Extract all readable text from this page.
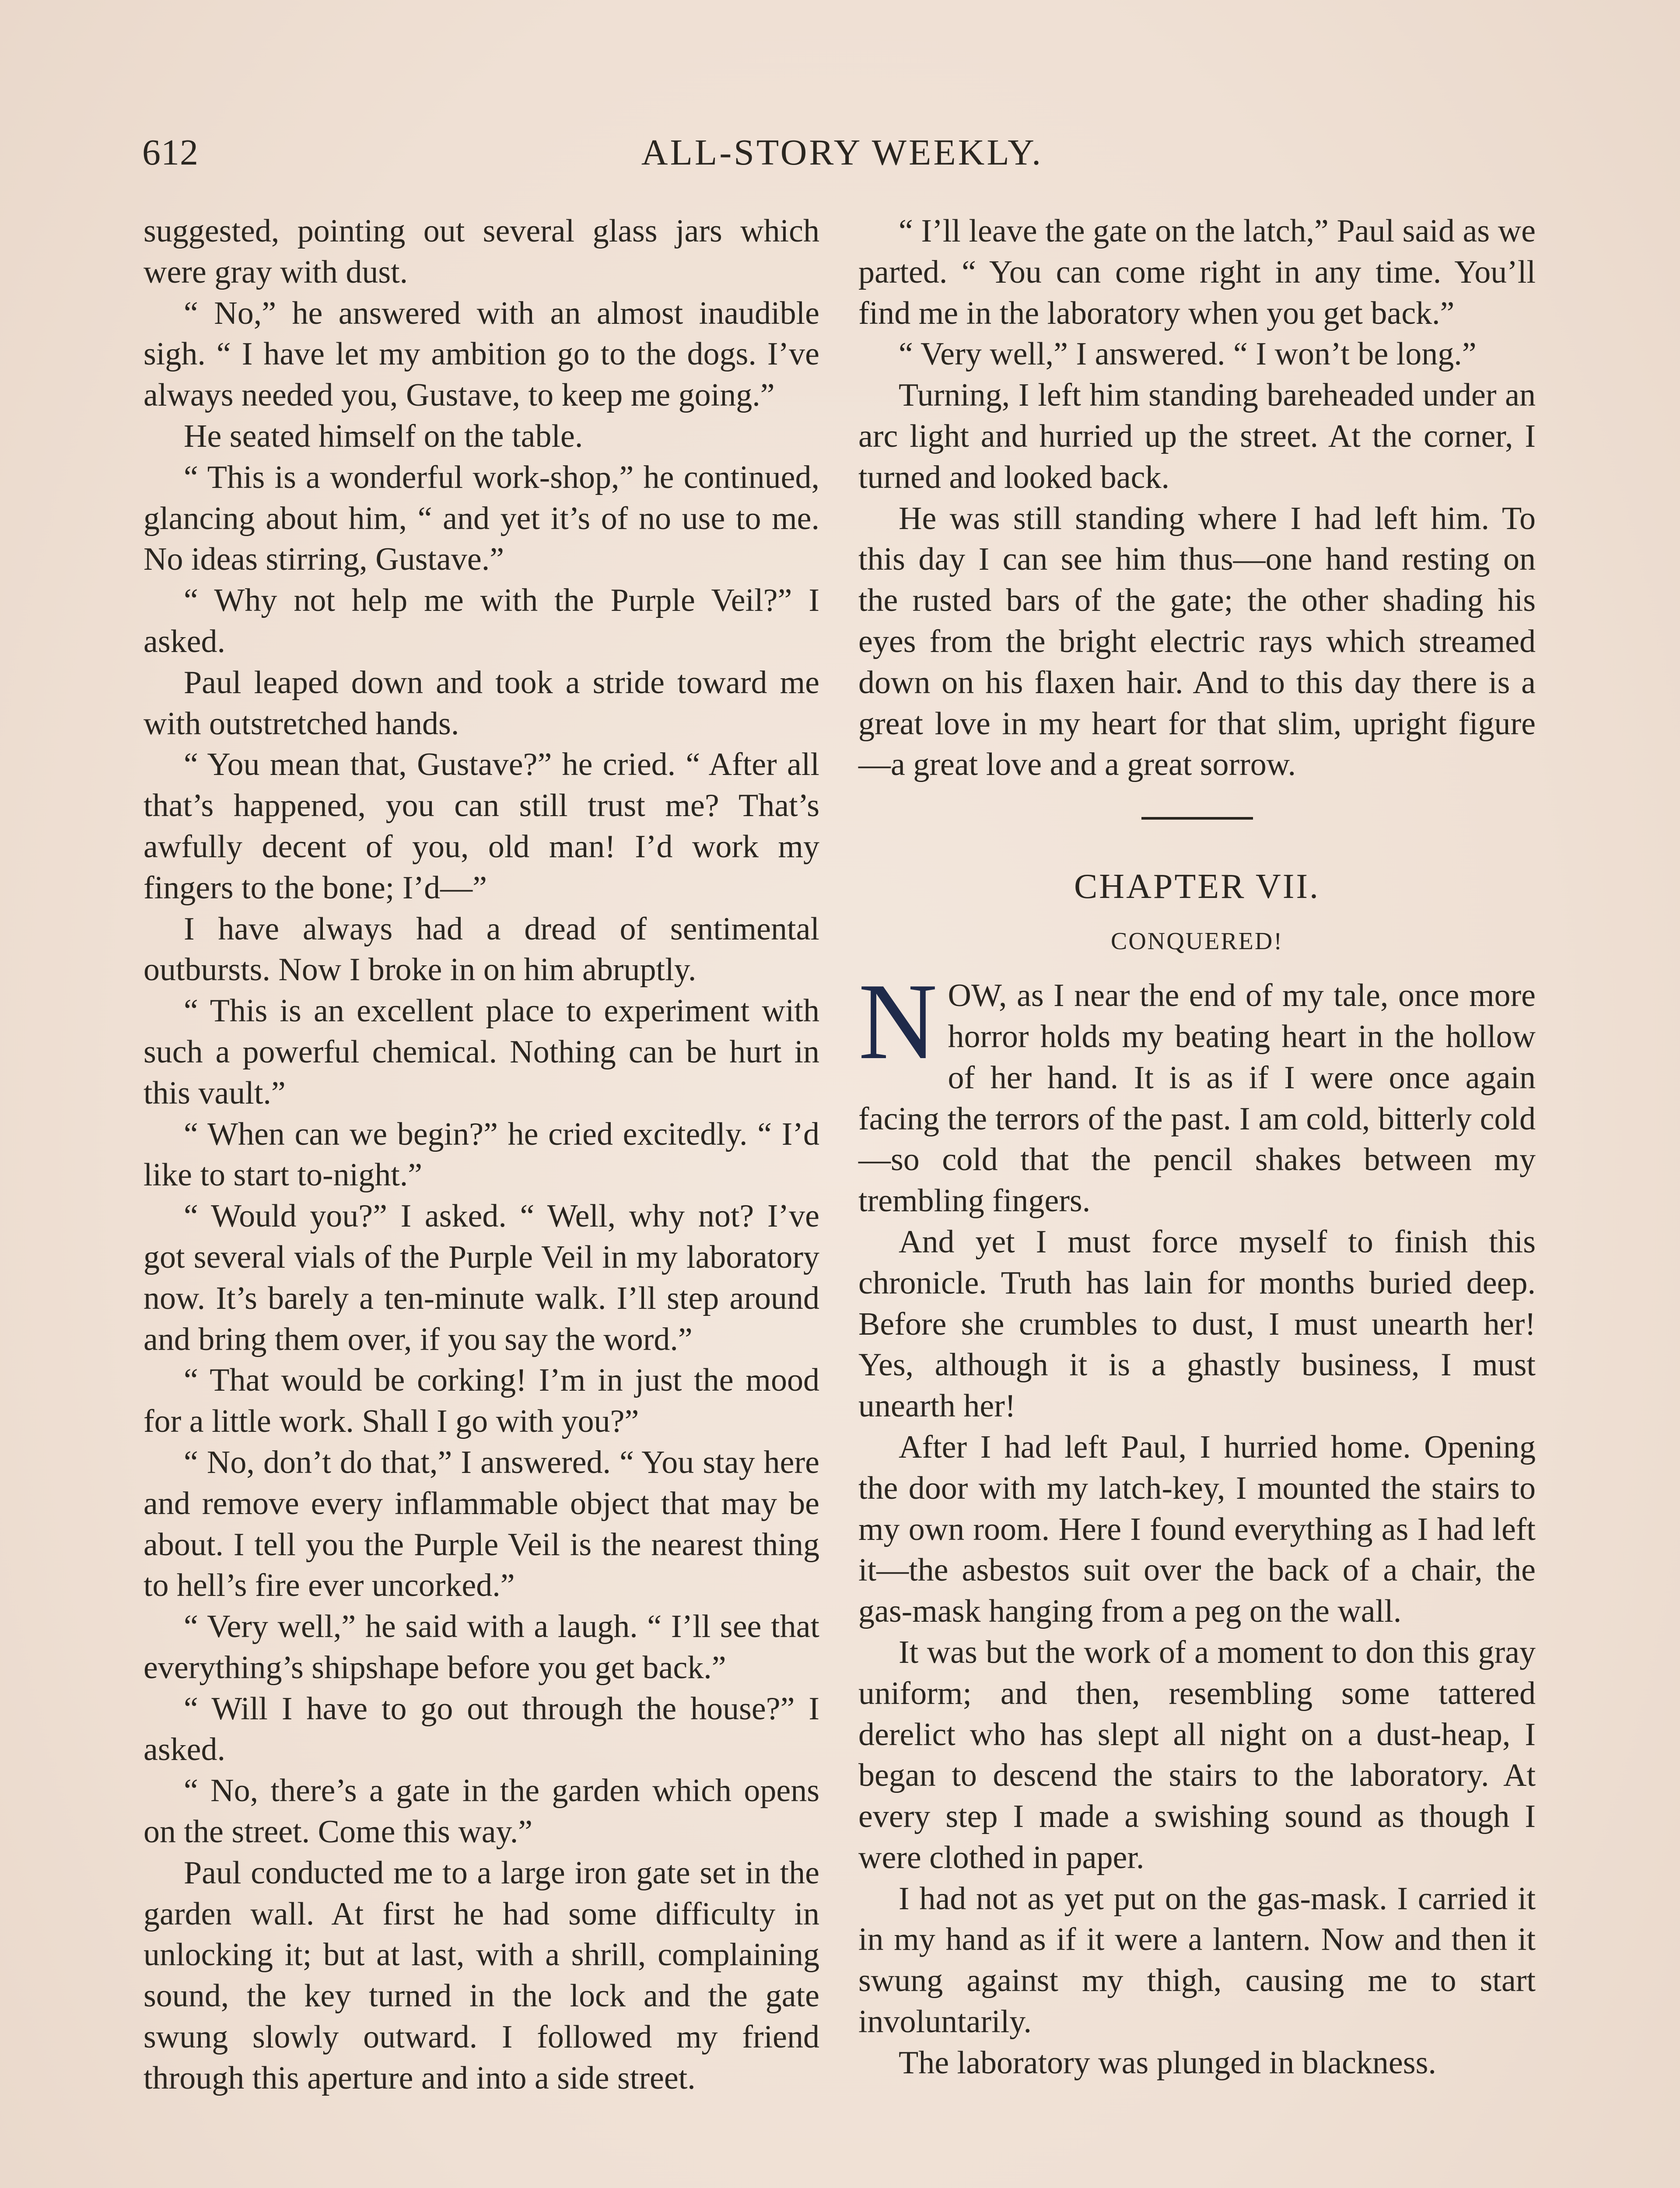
612	ALL-STORY WEEKLY.

suggested, pointing out several glass jars which were gray with dust.

“ No,” he answered with an almost inaudible sigh. “ I have let my ambition go to the dogs. I’ve always needed you, Gustave, to keep me going.”

He seated himself on the table.

“ This is a wonderful work-shop,” he continued, glancing about him, “ and yet it’s of no use to me. No ideas stirring, Gustave.”

“ Why not help me with the Purple Veil?” I asked.

Paul leaped down and took a stride toward me with outstretched hands.

“ You mean that, Gustave?” he cried. “ After all that’s happened, you can still trust me? That’s awfully decent of you, old man! I’d work my fingers to the bone; I’d—”

I have always had a dread of sentimental outbursts. Now I broke in on him abruptly.

“ This is an excellent place to experiment with such a powerful chemical. Nothing can be hurt in this vault.”

“ When can we begin?” he cried excitedly. “ I’d like to start to-night.”

“ Would you?” I asked. “ Well, why not? I’ve got several vials of the Purple Veil in my laboratory now. It’s barely a ten-minute walk. I’ll step around and bring them over, if you say the word.”

“ That would be corking! I’m in just the mood for a little work. Shall I go with you?”

“ No, don’t do that,” I answered. “ You stay here and remove every inflammable object that may be about. I tell you the Purple Veil is the nearest thing to hell’s fire ever uncorked.”

“ Very well,” he said with a laugh. “ I’ll see that everything’s shipshape before you get back.”

“ Will I have to go out through the house?” I asked.

“ No, there’s a gate in the garden which opens on the street. Come this way.”

Paul conducted me to a large iron gate set in the garden wall. At first he had some difficulty in unlocking it; but at last, with a shrill, complaining sound, the key turned in the lock and the gate swung slowly outward. I followed my friend through this aperture and into a side street.

“ I’ll leave the gate on the latch,” Paul said as we parted. “ You can come right in any time. You’ll find me in the laboratory when you get back.”

“ Very well,” I answered. “ I won’t be long.”

Turning, I left him standing bareheaded under an arc light and hurried up the street. At the corner, I turned and looked back.

He was still standing where I had left him. To this day I can see him thus—one hand resting on the rusted bars of the gate; the other shading his eyes from the bright electric rays which streamed down on his flaxen hair. And to this day there is a great love in my heart for that slim, upright figure—a great love and a great sorrow.

CHAPTER VII.
CONQUERED!

NOW, as I near the end of my tale, once more horror holds my beating heart in the hollow of her hand. It is as if I were once again facing the terrors of the past. I am cold, bitterly cold—so cold that the pencil shakes between my trembling fingers.

And yet I must force myself to finish this chronicle. Truth has lain for months buried deep. Before she crumbles to dust, I must unearth her! Yes, although it is a ghastly business, I must unearth her!

After I had left Paul, I hurried home. Opening the door with my latch-key, I mounted the stairs to my own room. Here I found everything as I had left it—the asbestos suit over the back of a chair, the gas-mask hanging from a peg on the wall.

It was but the work of a moment to don this gray uniform; and then, resembling some tattered derelict who has slept all night on a dust-heap, I began to descend the stairs to the laboratory. At every step I made a swishing sound as though I were clothed in paper.

I had not as yet put on the gas-mask. I carried it in my hand as if it were a lantern. Now and then it swung against my thigh, causing me to start involuntarily.

The laboratory was plunged in blackness.
